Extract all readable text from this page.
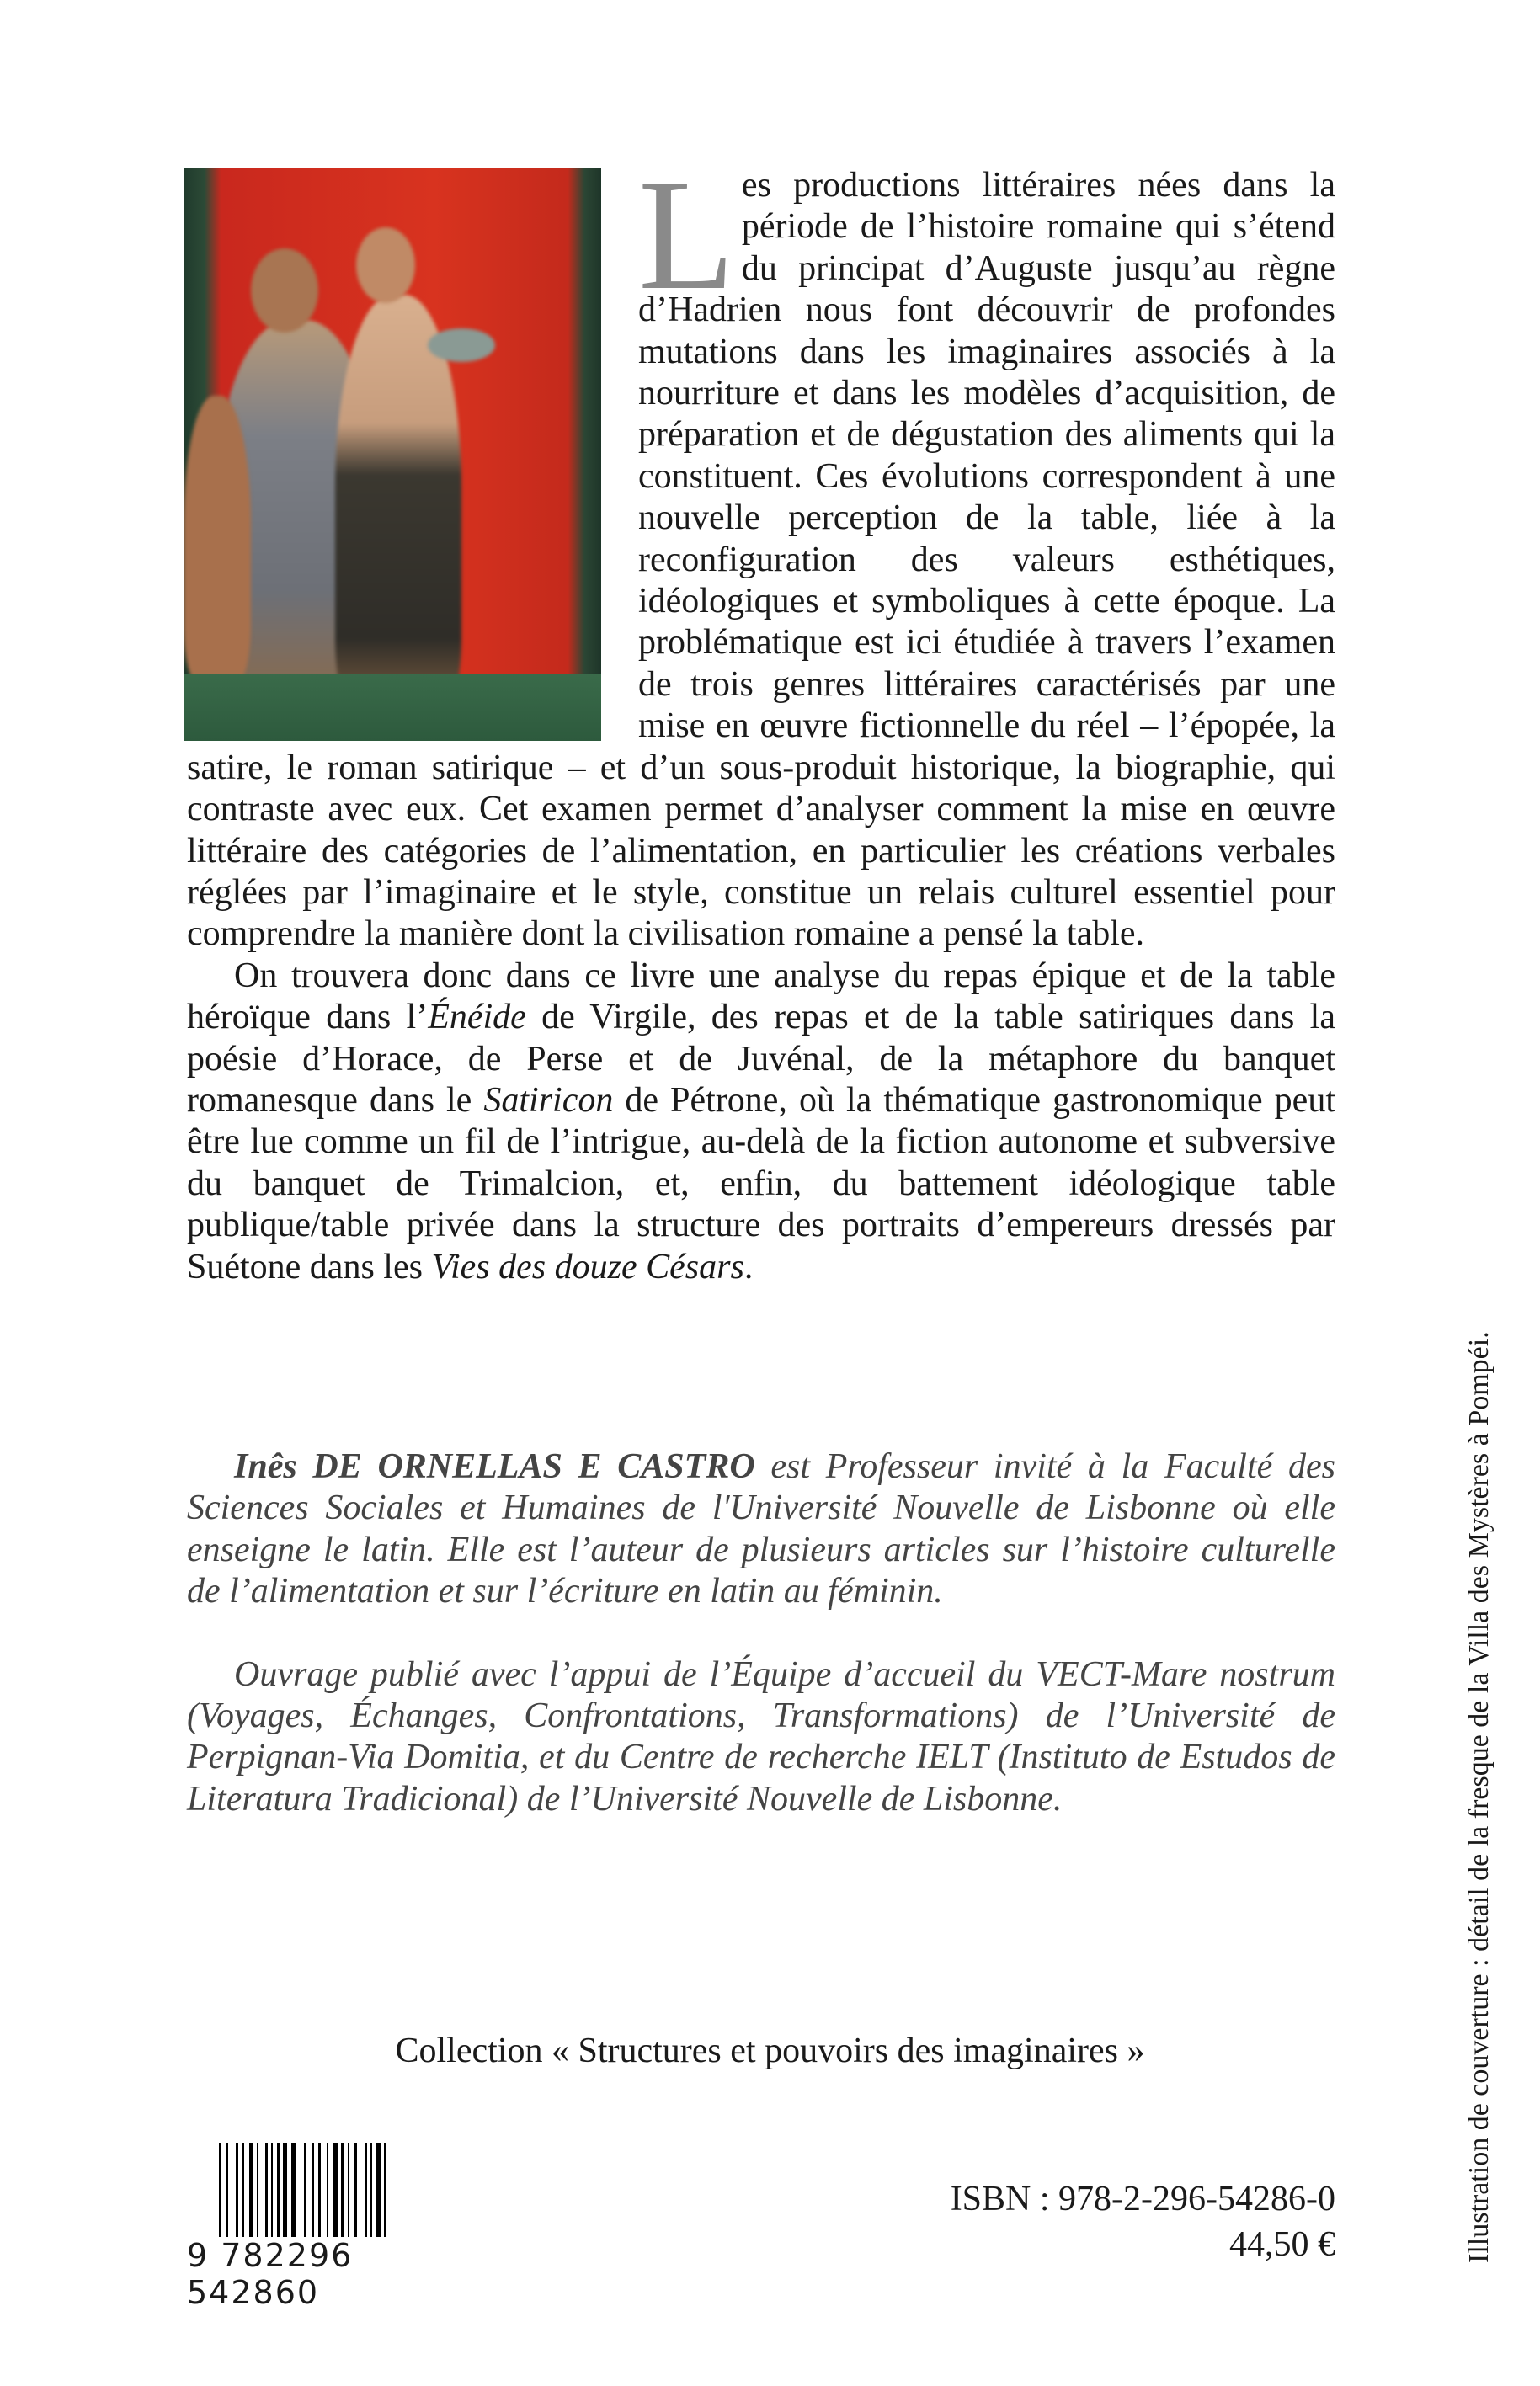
Les productions littéraires nées dans la période de l’histoire romaine qui s’étend du principat d’Auguste jusqu’au règne d’Hadrien nous font découvrir de profondes mutations dans les imaginaires associés à la nourriture et dans les modèles d’acquisition, de préparation et de dégustation des aliments qui la constituent. Ces évolutions correspondent à une nouvelle perception de la table, liée à la reconfiguration des valeurs esthétiques, idéologiques et symboliques à cette époque. La problématique est ici étudiée à travers l’examen de trois genres littéraires caractérisés par une mise en œuvre fictionnelle du réel – l’épopée, la satire, le roman satirique – et d’un sous-produit historique, la biographie, qui contraste avec eux. Cet examen permet d’analyser comment la mise en œuvre littéraire des catégories de l’alimentation, en particulier les créations verbales réglées par l’imaginaire et le style, constitue un relais culturel essentiel pour comprendre la manière dont la civilisation romaine a pensé la table.

On trouvera donc dans ce livre une analyse du repas épique et de la table héroïque dans l’Énéide de Virgile, des repas et de la table satiriques dans la poésie d’Horace, de Perse et de Juvénal, de la métaphore du banquet romanesque dans le Satiricon de Pétrone, où la thématique gastronomique peut être lue comme un fil de l’intrigue, au-delà de la fiction autonome et subversive du banquet de Trimalcion, et, enfin, du battement idéologique table publique/table privée dans la structure des portraits d’empereurs dressés par Suétone dans les Vies des douze Césars.

Inês DE ORNELLAS E CASTRO est Professeur invité à la Faculté des Sciences Sociales et Humaines de l'Université Nouvelle de Lisbonne où elle enseigne le latin. Elle est l’auteur de plusieurs articles sur l’histoire culturelle de l’alimentation et sur l’écriture en latin au féminin.

Ouvrage publié avec l’appui de l’Équipe d’accueil du VECT-Mare nostrum (Voyages, Échanges, Confrontations, Transformations) de l’Université de Perpignan-Via Domitia, et du Centre de recherche IELT (Instituto de Estudos de Literatura Tradicional) de l’Université Nouvelle de Lisbonne.

Collection « Structures et pouvoirs des imaginaires »
9 782296 542860
ISBN : 978-2-296-54286-0
44,50 €	Illustration de couverture : détail de la fresque de la Villa des Mystères à Pompéi.
